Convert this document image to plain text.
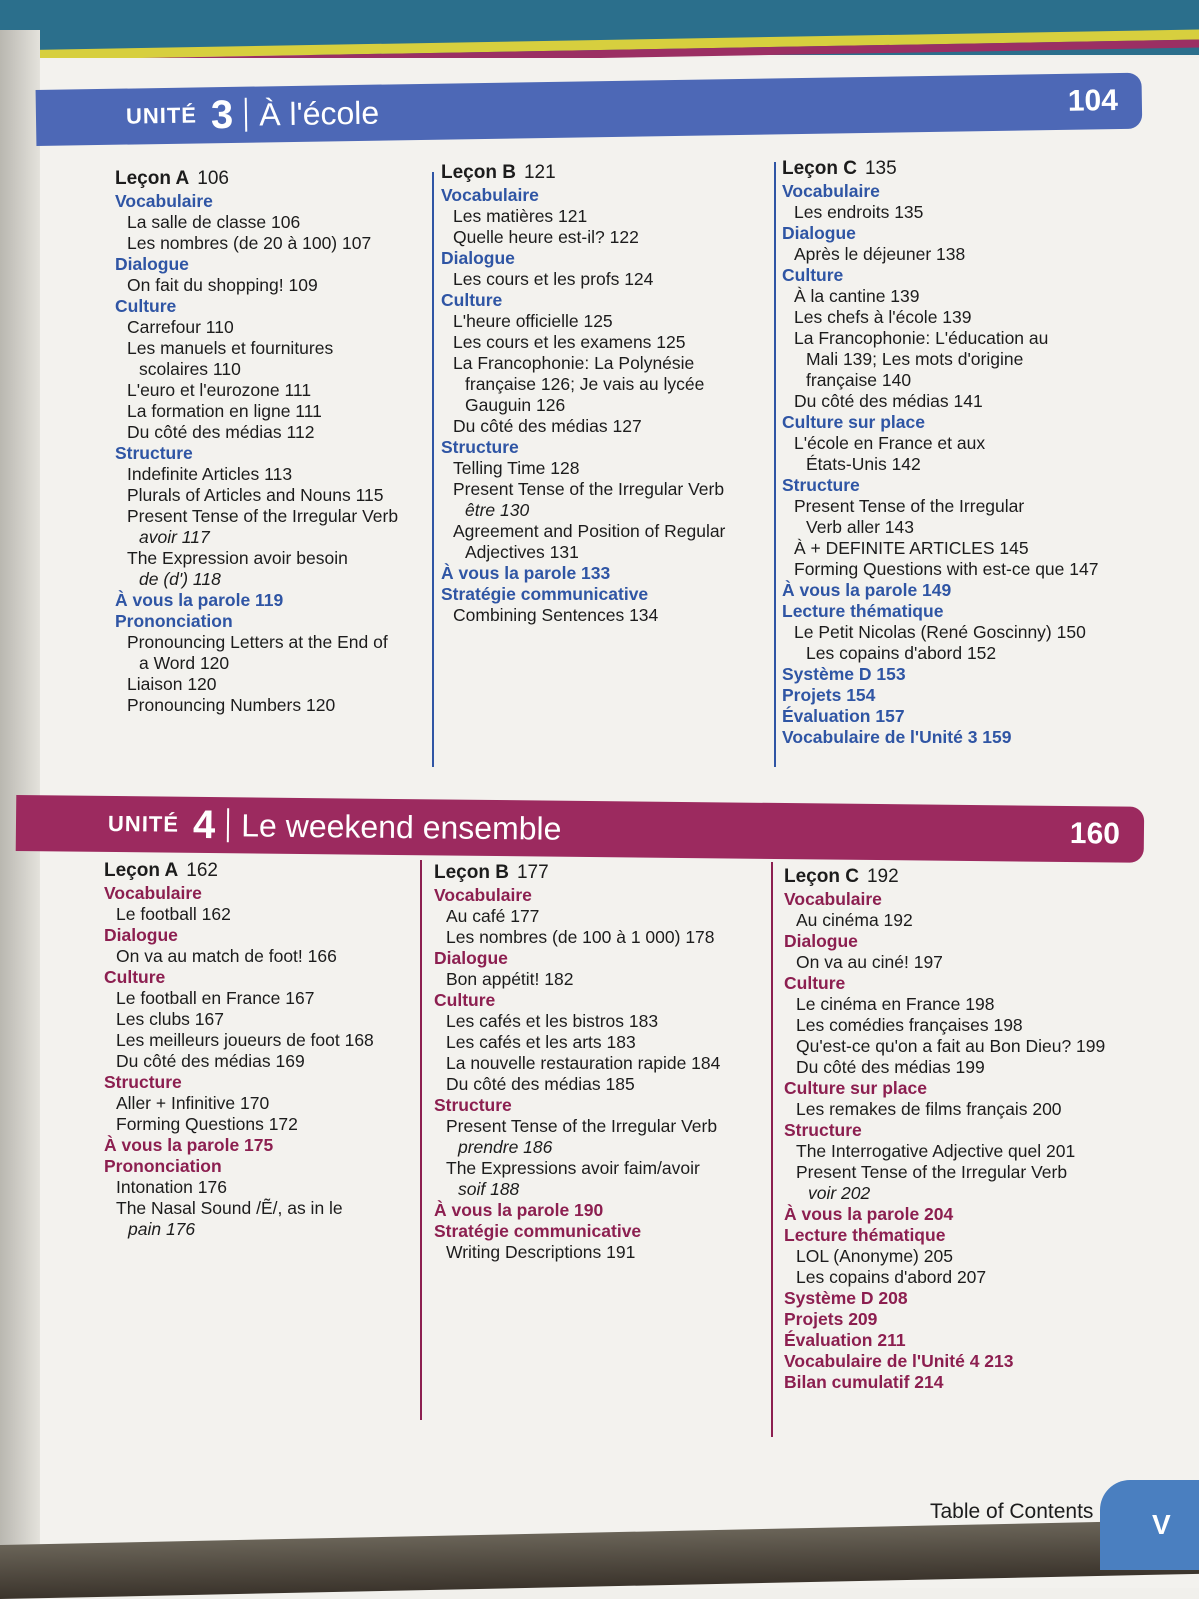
UNITÉ 3 À l'école	104
Leçon A 106
Vocabulaire
La salle de classe 106
Les nombres (de 20 à 100) 107
Dialogue
On fait du shopping! 109
Culture
Carrefour 110
Les manuels et fournitures
scolaires 110
L'euro et l'eurozone 111
La formation en ligne 111
Du côté des médias 112
Structure
Indefinite Articles 113
Plurals of Articles and Nouns 115
Present Tense of the Irregular Verb
avoir 117
The Expression avoir besoin
de (d') 118
À vous la parole 119
Prononciation
Pronouncing Letters at the End of
a Word 120
Liaison 120
Pronouncing Numbers 120
Leçon B 121
Vocabulaire
Les matières 121
Quelle heure est-il? 122
Dialogue
Les cours et les profs 124
Culture
L'heure officielle 125
Les cours et les examens 125
La Francophonie: La Polynésie
française 126; Je vais au lycée
Gauguin 126
Du côté des médias 127
Structure
Telling Time 128
Present Tense of the Irregular Verb
être 130
Agreement and Position of Regular
Adjectives 131
À vous la parole 133
Stratégie communicative
Combining Sentences 134
Leçon C 135
Vocabulaire
Les endroits 135
Dialogue
Après le déjeuner 138
Culture
À la cantine 139
Les chefs à l'école 139
La Francophonie: L'éducation au
Mali 139; Les mots d'origine
française 140
Du côté des médias 141
Culture sur place
L'école en France et aux
États-Unis 142
Structure
Present Tense of the Irregular
Verb aller 143
À + DEFINITE ARTICLES 145
Forming Questions with est-ce que 147
À vous la parole 149
Lecture thématique
Le Petit Nicolas (René Goscinny) 150
Les copains d'abord 152
Système D 153
Projets 154
Évaluation 157
Vocabulaire de l'Unité 3 159
UNITÉ 4 Le weekend ensemble	160
Leçon A 162
Vocabulaire
Le football 162
Dialogue
On va au match de foot! 166
Culture
Le football en France 167
Les clubs 167
Les meilleurs joueurs de foot 168
Du côté des médias 169
Structure
Aller + Infinitive 170
Forming Questions 172
À vous la parole 175
Prononciation
Intonation 176
The Nasal Sound /Ẽ/, as in le
pain 176
Leçon B 177
Vocabulaire
Au café 177
Les nombres (de 100 à 1 000) 178
Dialogue
Bon appétit! 182
Culture
Les cafés et les bistros 183
Les cafés et les arts 183
La nouvelle restauration rapide 184
Du côté des médias 185
Structure
Present Tense of the Irregular Verb
prendre 186
The Expressions avoir faim/avoir
soif 188
À vous la parole 190
Stratégie communicative
Writing Descriptions 191
Leçon C 192
Vocabulaire
Au cinéma 192
Dialogue
On va au ciné! 197
Culture
Le cinéma en France 198
Les comédies françaises 198
Qu'est-ce qu'on a fait au Bon Dieu? 199
Du côté des médias 199
Culture sur place
Les remakes de films français 200
Structure
The Interrogative Adjective quel 201
Present Tense of the Irregular Verb
voir 202
À vous la parole 204
Lecture thématique
LOL (Anonyme) 205
Les copains d'abord 207
Système D 208
Projets 209
Évaluation 211
Vocabulaire de l'Unité 4 213
Bilan cumulatif 214
Table of Contents V
